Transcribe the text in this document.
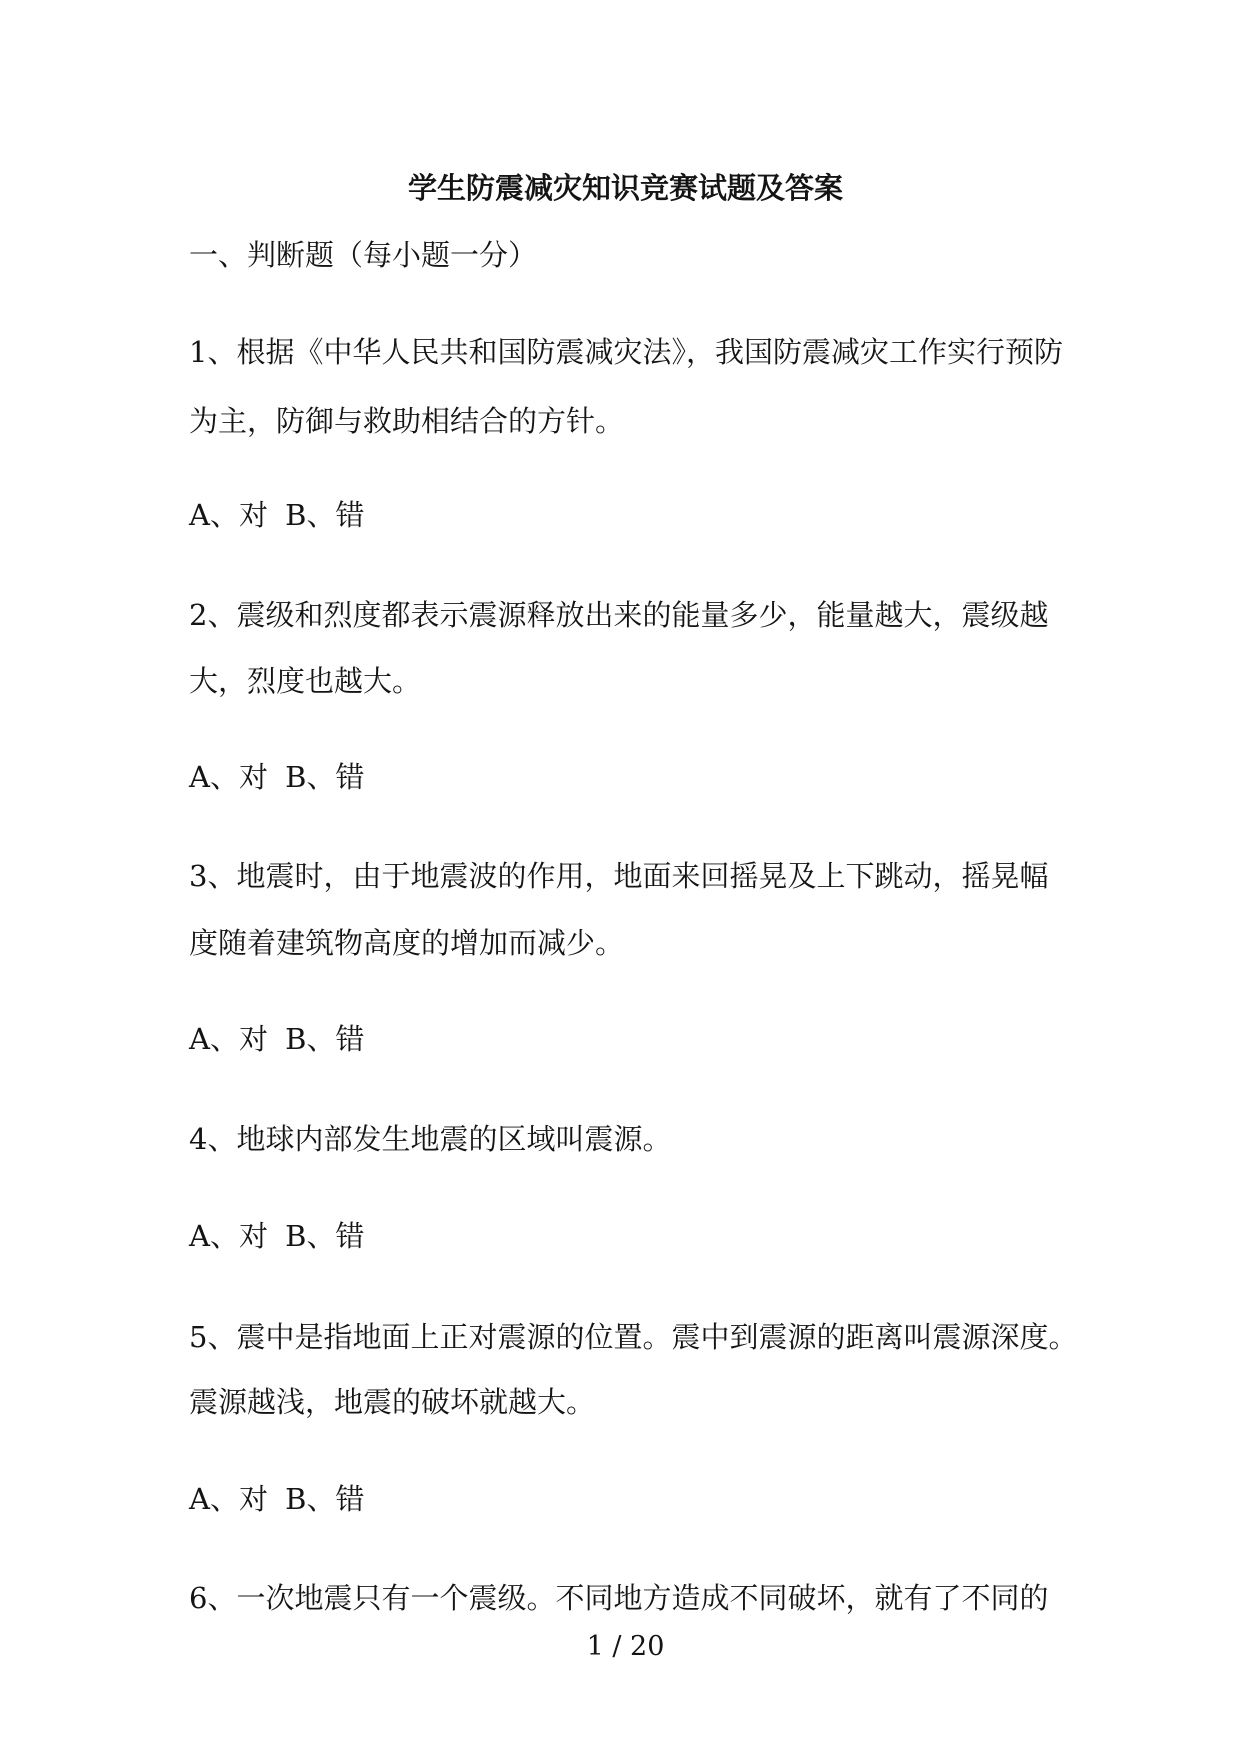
学生防震减灾知识竞赛试题及答案
一、判断题（每小题一分）
1、根据《中华人民共和国防震减灾法》，我国防震减灾工作实行预防
为主，防御与救助相结合的方针。
A、对 B、错
2、震级和烈度都表示震源释放出来的能量多少，能量越大，震级越
大，烈度也越大。
A、对 B、错
3、地震时，由于地震波的作用，地面来回摇晃及上下跳动，摇晃幅
度随着建筑物高度的增加而减少。
A、对 B、错
4、地球内部发生地震的区域叫震源。
A、对 B、错
5、震中是指地面上正对震源的位置。震中到震源的距离叫震源深度。
震源越浅，地震的破坏就越大。
A、对 B、错
6、一次地震只有一个震级。不同地方造成不同破坏，就有了不同的
1 / 20
